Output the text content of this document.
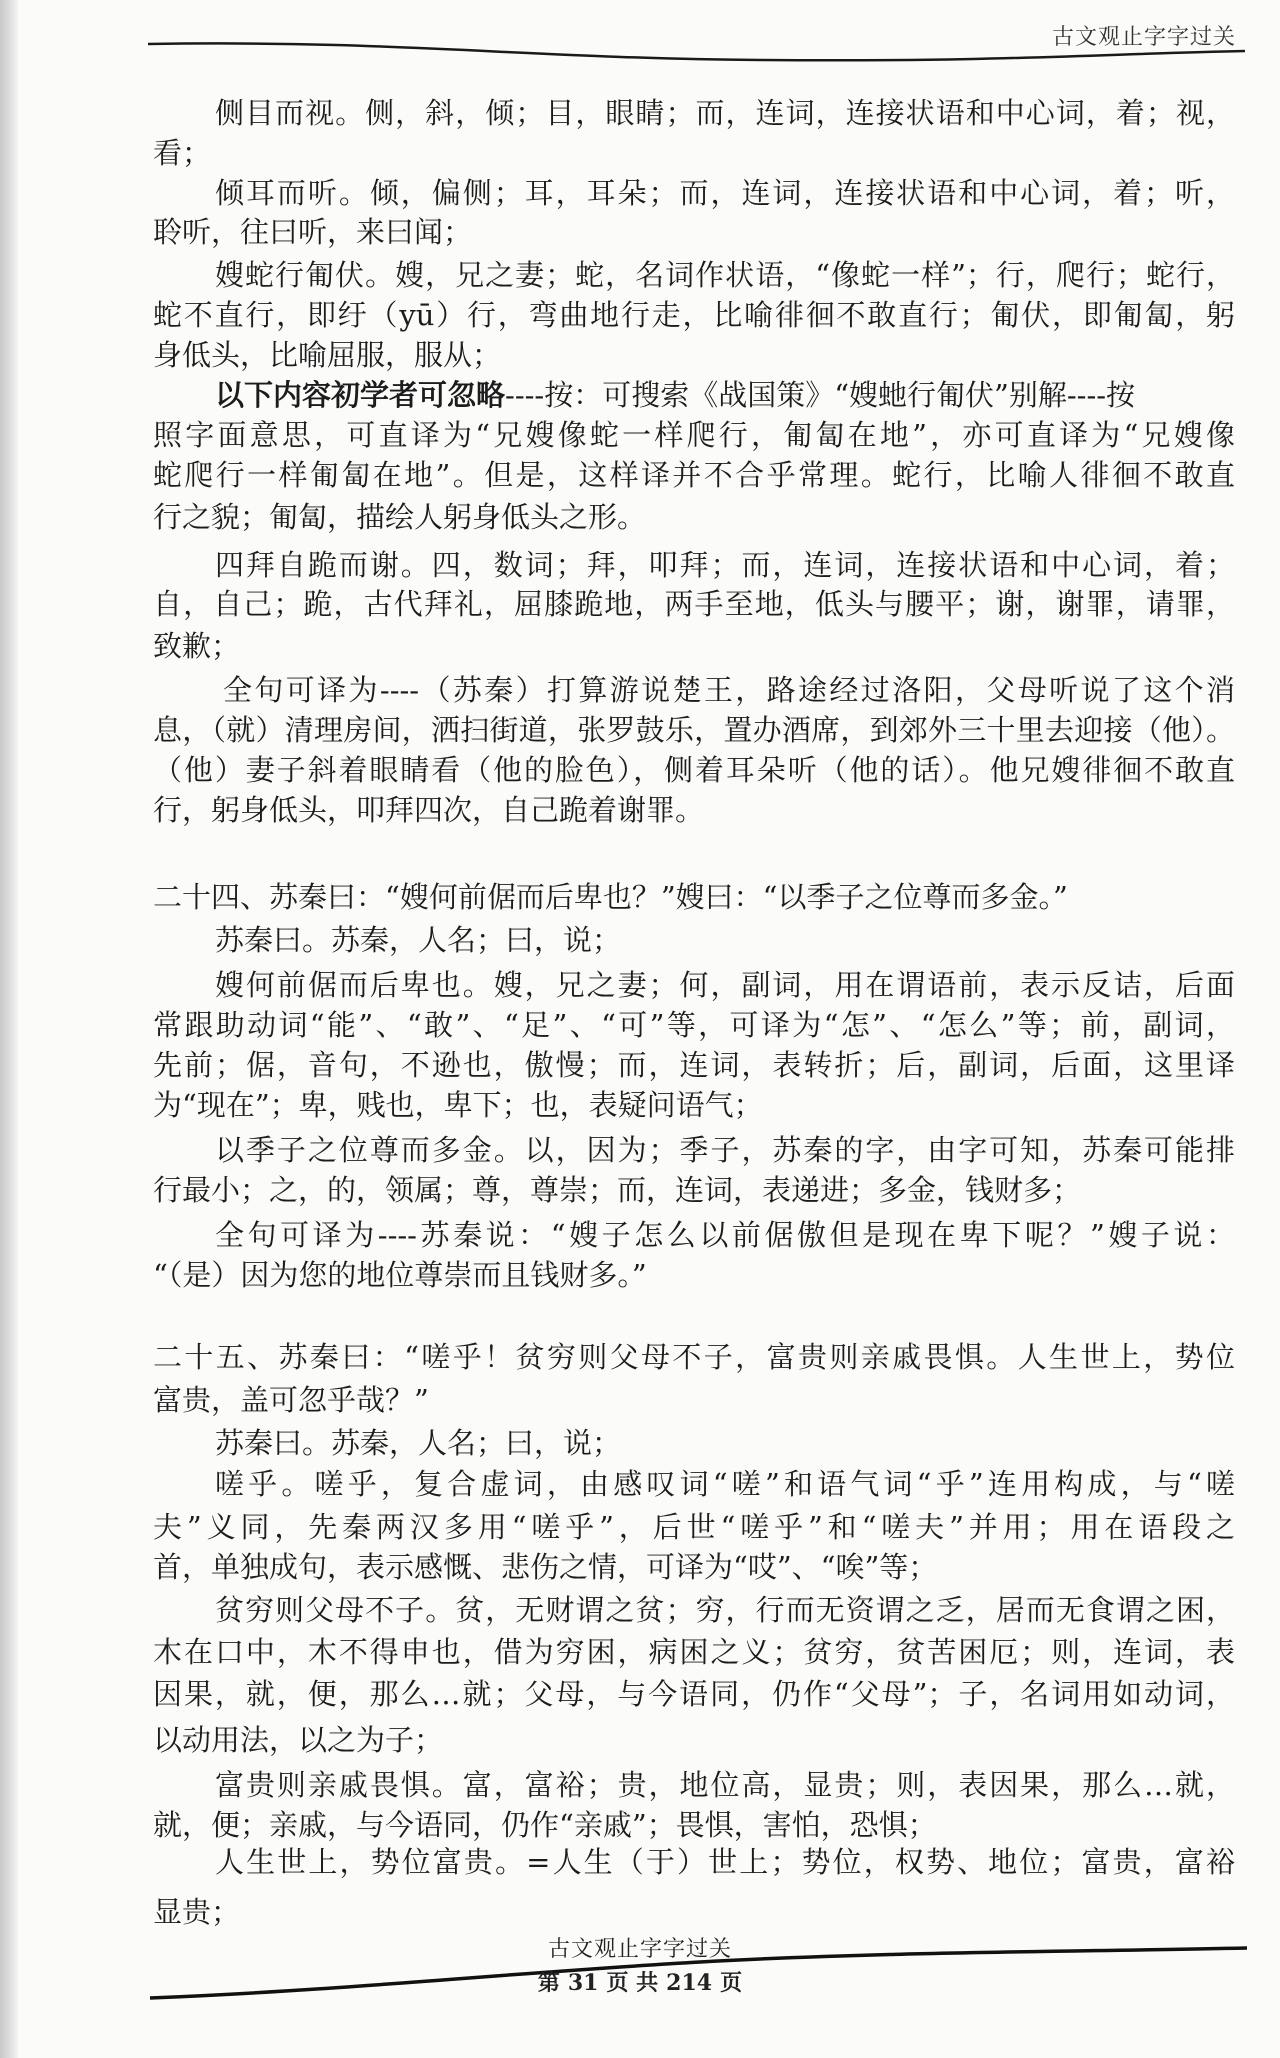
古文观止字字过关
侧目而视。侧，斜，倾；目，眼睛；而，连词，连接状语和中心词，着；视，
看；
倾耳而听。倾，偏侧；耳，耳朵；而，连词，连接状语和中心词，着；听，
聆听，往曰听，来曰闻；
嫂蛇行匍伏。嫂，兄之妻；蛇，名词作状语，“像蛇一样”；行，爬行；蛇行，
蛇不直行，即纡（yū）行，弯曲地行走，比喻徘徊不敢直行；匍伏，即匍匐，躬
身低头，比喻屈服，服从；
以下内容初学者可忽略----按：可搜索《战国策》“嫂虵行匍伏”别解----按
照字面意思，可直译为“兄嫂像蛇一样爬行，匍匐在地”，亦可直译为“兄嫂像
蛇爬行一样匍匐在地”。但是，这样译并不合乎常理。蛇行，比喻人徘徊不敢直
行之貌；匍匐，描绘人躬身低头之形。
四拜自跪而谢。四，数词；拜，叩拜；而，连词，连接状语和中心词，着；
自，自己；跪，古代拜礼，屈膝跪地，两手至地，低头与腰平；谢，谢罪，请罪，
致歉；
全句可译为----（苏秦）打算游说楚王，路途经过洛阳，父母听说了这个消
息，（就）清理房间，洒扫街道，张罗鼓乐，置办酒席，到郊外三十里去迎接（他）。
（他）妻子斜着眼睛看（他的脸色），侧着耳朵听（他的话）。他兄嫂徘徊不敢直
行，躬身低头，叩拜四次，自己跪着谢罪。
二十四、苏秦曰：“嫂何前倨而后卑也？”嫂曰：“以季子之位尊而多金。”
苏秦曰。苏秦，人名；曰，说；
嫂何前倨而后卑也。嫂，兄之妻；何，副词，用在谓语前，表示反诘，后面
常跟助动词“能”、“敢”、“足”、“可”等，可译为“怎”、“怎么”等；前，副词，
先前；倨，音句，不逊也，傲慢；而，连词，表转折；后，副词，后面，这里译
为“现在”；卑，贱也，卑下；也，表疑问语气；
以季子之位尊而多金。以，因为；季子，苏秦的字，由字可知，苏秦可能排
行最小；之，的，领属；尊，尊崇；而，连词，表递进；多金，钱财多；
全句可译为----苏秦说：“嫂子怎么以前倨傲但是现在卑下呢？”嫂子说：
“（是）因为您的地位尊崇而且钱财多。”
二十五、苏秦曰：“嗟乎！贫穷则父母不子，富贵则亲戚畏惧。人生世上，势位
富贵，盖可忽乎哉？”
苏秦曰。苏秦，人名；曰，说；
嗟乎。嗟乎，复合虚词，由感叹词“嗟”和语气词“乎”连用构成，与“嗟
夫”义同，先秦两汉多用“嗟乎”，后世“嗟乎”和“嗟夫”并用；用在语段之
首，单独成句，表示感慨、悲伤之情，可译为“哎”、“唉”等；
贫穷则父母不子。贫，无财谓之贫；穷，行而无资谓之乏，居而无食谓之困，
木在口中，木不得申也，借为穷困，病困之义；贫穷，贫苦困厄；则，连词，表
因果，就，便，那么…就；父母，与今语同，仍作“父母”；子，名词用如动词，
以动用法，以之为子；
富贵则亲戚畏惧。富，富裕；贵，地位高，显贵；则，表因果，那么…就，
就，便；亲戚，与今语同，仍作“亲戚”；畏惧，害怕，恐惧；
人生世上，势位富贵。=人生（于）世上；势位，权势、地位；富贵，富裕
显贵；
古文观止字字过关
第 31 页 共 214 页
